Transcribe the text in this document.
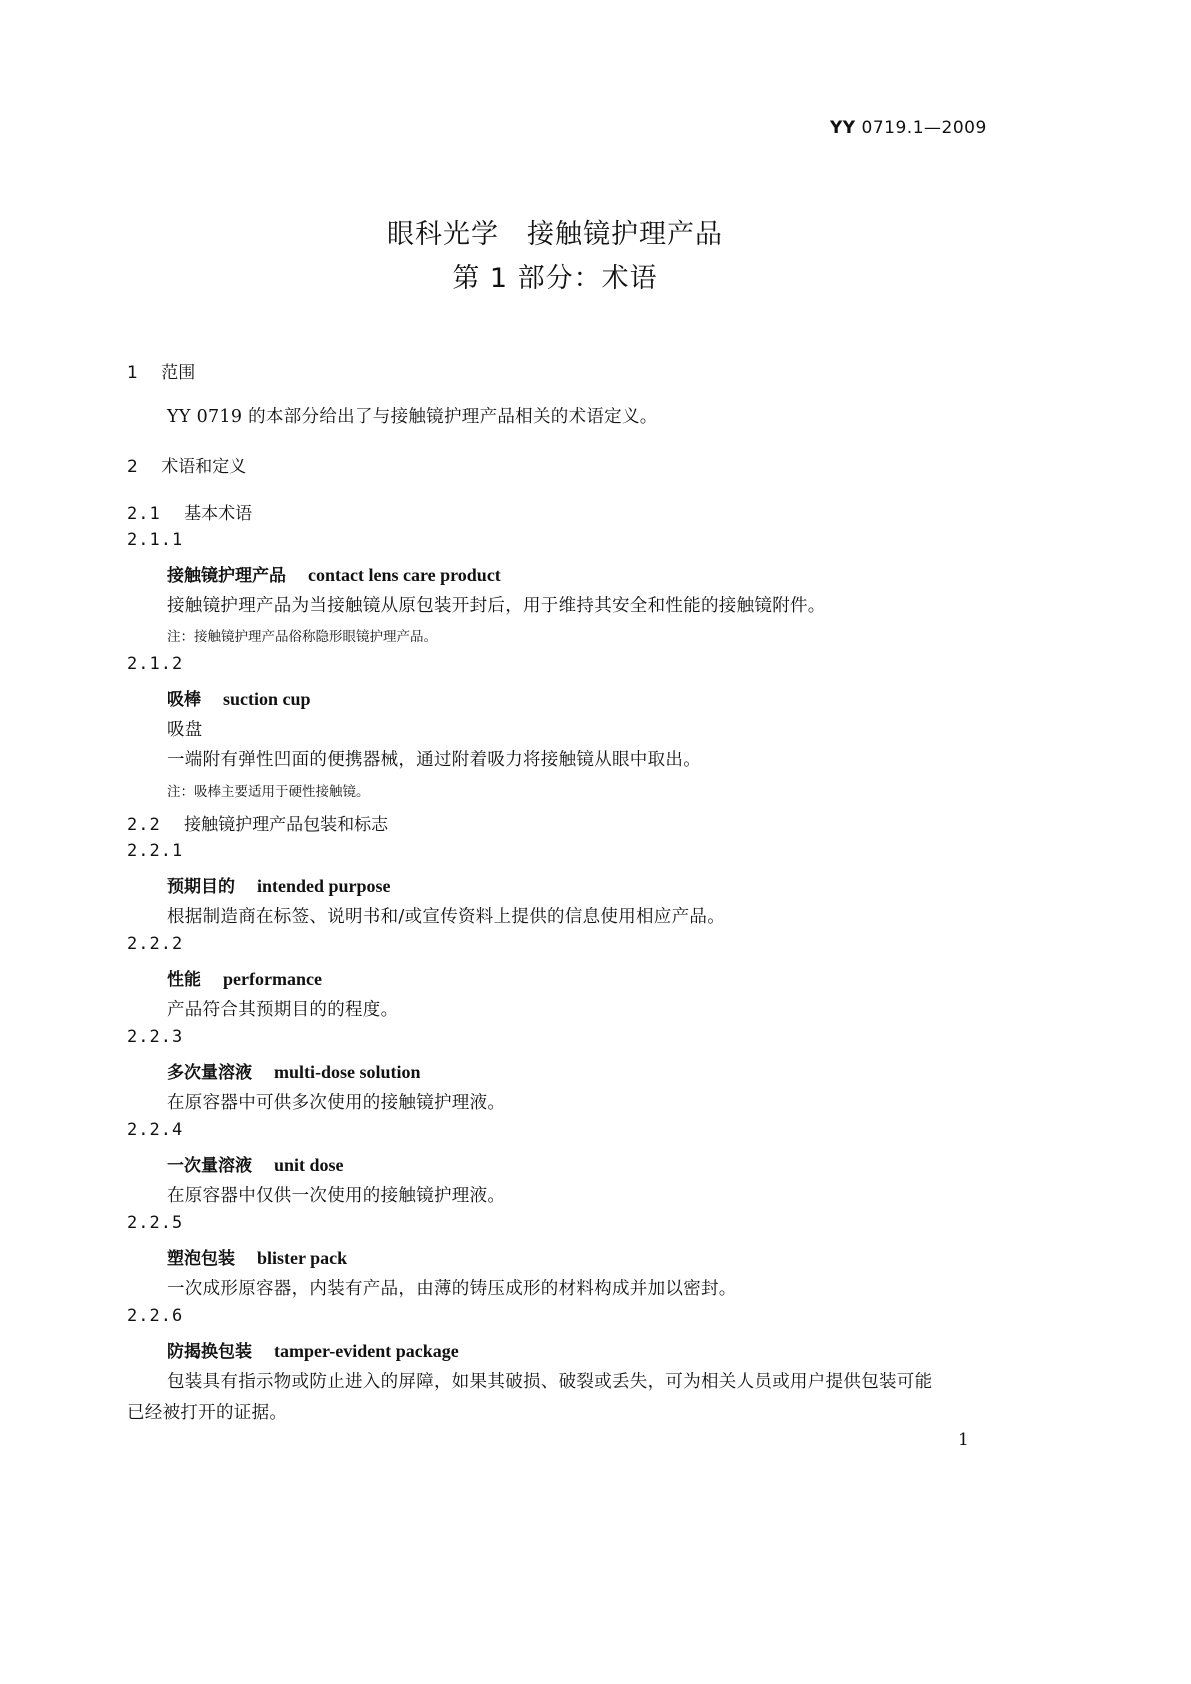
YY 0719.1—2009
眼科光学　接触镜护理产品
第 1 部分：术语
1 范围
YY 0719 的本部分给出了与接触镜护理产品相关的术语定义。
2 术语和定义
2.1 基本术语
2.1.1
接触镜护理产品 contact lens care product
接触镜护理产品为当接触镜从原包装开封后，用于维持其安全和性能的接触镜附件。
注：接触镜护理产品俗称隐形眼镜护理产品。
2.1.2
吸棒 suction cup
吸盘
一端附有弹性凹面的便携器械，通过附着吸力将接触镜从眼中取出。
注：吸棒主要适用于硬性接触镜。
2.2 接触镜护理产品包装和标志
2.2.1
预期目的 intended purpose
根据制造商在标签、说明书和/或宣传资料上提供的信息使用相应产品。
2.2.2
性能 performance
产品符合其预期目的的程度。
2.2.3
多次量溶液 multi-dose solution
在原容器中可供多次使用的接触镜护理液。
2.2.4
一次量溶液 unit dose
在原容器中仅供一次使用的接触镜护理液。
2.2.5
塑泡包装 blister pack
一次成形原容器，内装有产品，由薄的铸压成形的材料构成并加以密封。
2.2.6
防揭换包装 tamper-evident package
包装具有指示物或防止进入的屏障，如果其破损、破裂或丢失，可为相关人员或用户提供包装可能
已经被打开的证据。
1
